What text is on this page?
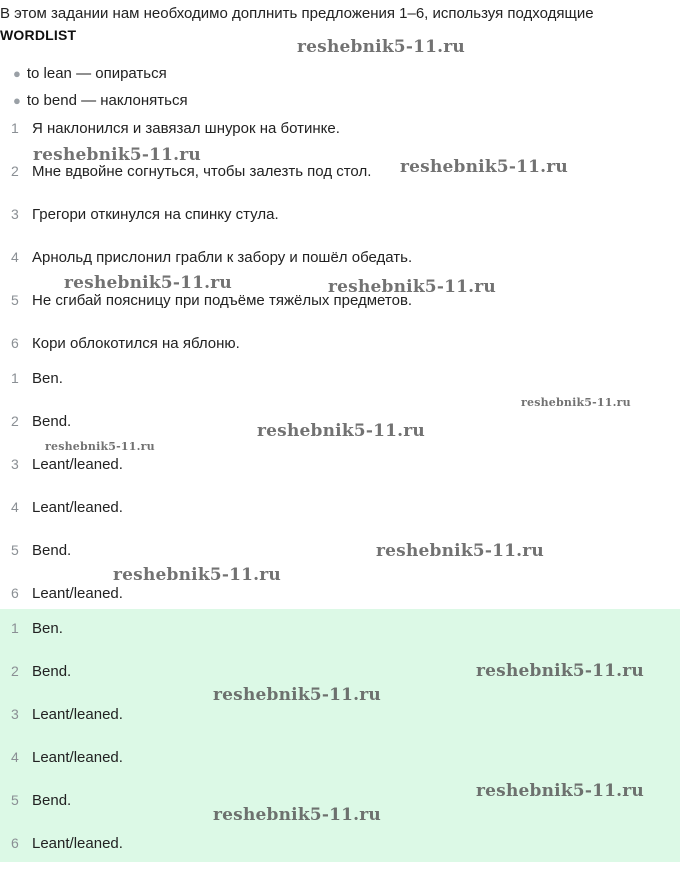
В этом задании нам необходимо доплнить предложения 1–6, используя подходящие
WORDLIST
● to lean — опираться
● to bend — наклоняться
1 Я наклонился и завязал шнурок на ботинке.
2 Мне вдвойне согнуться, чтобы залезть под стол.
3 Грегори откинулся на спинку стула.
4 Арнольд прислонил грабли к забору и пошёл обедать.
5 Не сгибай поясницу при подъёме тяжёлых предметов.
6 Кори облокотился на яблоню.
1 Ben.
2 Bend.
3 Leant/leaned.
4 Leant/leaned.
5 Bend.
6 Leant/leaned.
1 Ben.
2 Bend.
3 Leant/leaned.
4 Leant/leaned.
5 Bend.
6 Leant/leaned.
reshebnik5-11.ru
reshebnik5-11.ru
reshebnik5-11.ru
reshebnik5-11.ru	reshebnik5-11.ru
reshebnik5-11.ru
reshebnik5-11.ru
reshebnik5-11.ru
reshebnik5-11.ru
reshebnik5-11.ru
reshebnik5-11.ru
reshebnik5-11.ru
reshebnik5-11.ru
reshebnik5-11.ru
